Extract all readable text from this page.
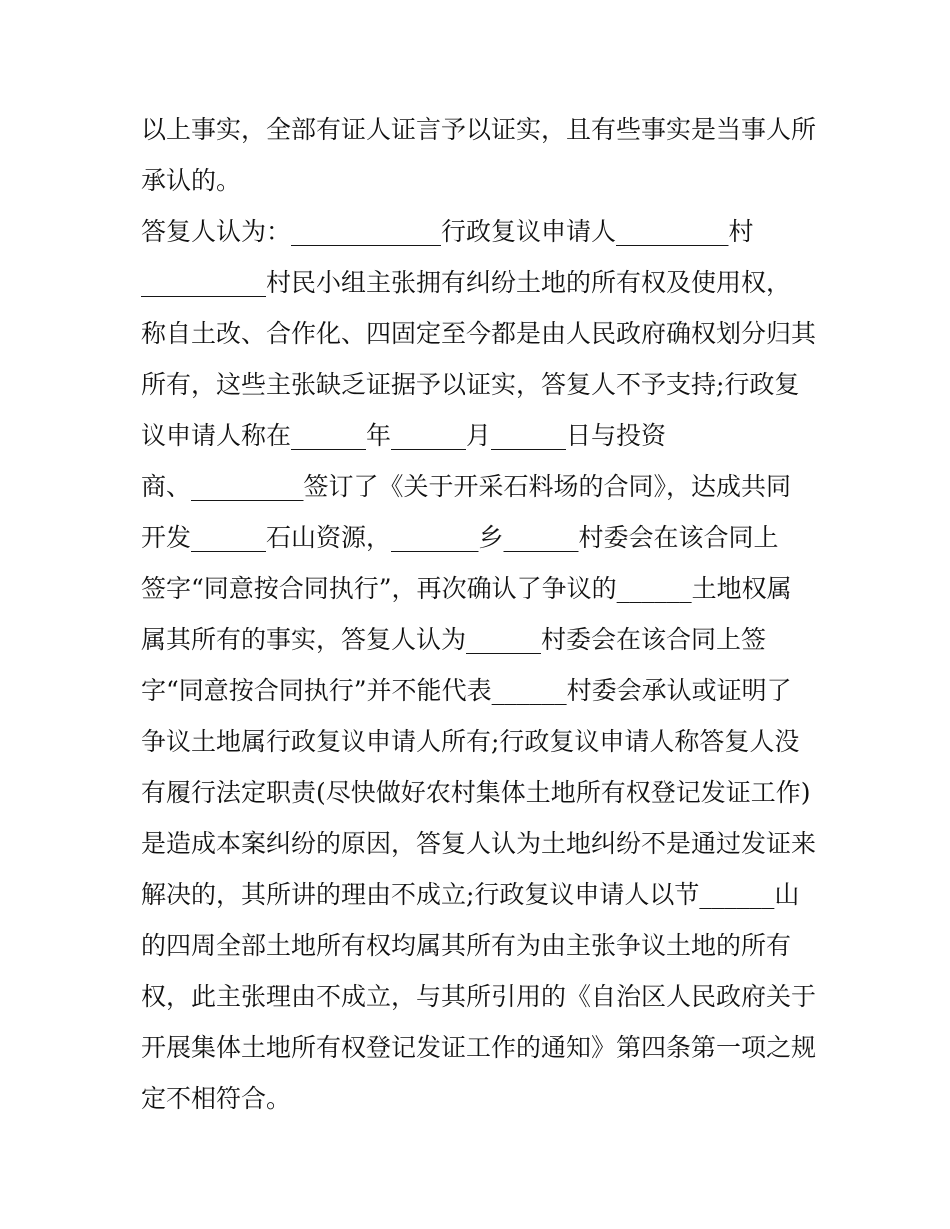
以上事实，全部有证人证言予以证实，且有些事实是当事人所
承认的。
答复人认为：____________行政复议申请人_________村
__________村民小组主张拥有纠纷土地的所有权及使用权，
称自土改、合作化、四固定至今都是由人民政府确权划分归其
所有，这些主张缺乏证据予以证实，答复人不予支持;行政复
议申请人称在______年______月______日与投资
商、_________签订了《关于开采石料场的合同》，达成共同
开发______石山资源，_______乡______村委会在该合同上
签字“同意按合同执行”，再次确认了争议的______土地权属
属其所有的事实，答复人认为______村委会在该合同上签
字“同意按合同执行”并不能代表______村委会承认或证明了
争议土地属行政复议申请人所有;行政复议申请人称答复人没
有履行法定职责(尽快做好农村集体土地所有权登记发证工作)
是造成本案纠纷的原因，答复人认为土地纠纷不是通过发证来
解决的，其所讲的理由不成立;行政复议申请人以节______山
的四周全部土地所有权均属其所有为由主张争议土地的所有
权，此主张理由不成立，与其所引用的《自治区人民政府关于
开展集体土地所有权登记发证工作的通知》第四条第一项之规
定不相符合。
